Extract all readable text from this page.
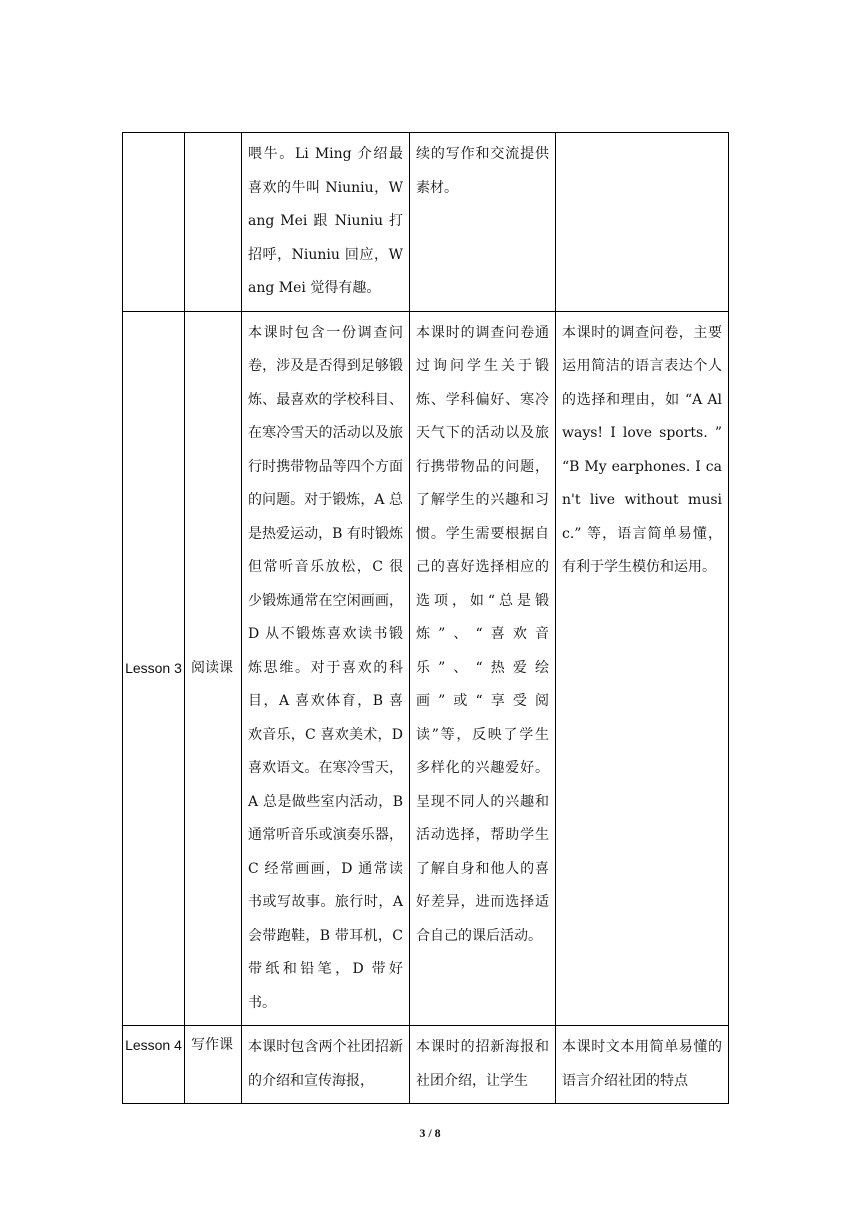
		喂牛。Li Ming 介绍最喜欢的牛叫 Niuniu，Wang Mei 跟 Niuniu 打招呼，Niuniu 回应，Wang Mei 觉得有趣。	续的写作和交流提供素材。	
Lesson 3	阅读课	本课时包含一份调查问卷，涉及是否得到足够锻炼、最喜欢的学校科目、在寒冷雪天的活动以及旅行时携带物品等四个方面的问题。对于锻炼，A 总是热爱运动，B 有时锻炼但常听音乐放松，C 很少锻炼通常在空闲画画，D 从不锻炼喜欢读书锻炼思维。对于喜欢的科目，A 喜欢体育，B 喜欢音乐，C 喜欢美术，D 喜欢语文。在寒冷雪天，A 总是做些室内活动，B 通常听音乐或演奏乐器，C 经常画画，D 通常读书或写故事。旅行时，A 会带跑鞋，B 带耳机，C 带纸和铅笔，D 带好书。	本课时的调查问卷通过询问学生关于锻炼、学科偏好、寒冷天气下的活动以及旅行携带物品的问题，了解学生的兴趣和习惯。学生需要根据自己的喜好选择相应的选项，如“总是锻炼”、“喜欢音乐”、“热爱绘画”或“享受阅读”等，反映了学生多样化的兴趣爱好。呈现不同人的兴趣和活动选择，帮助学生了解自身和他人的喜好差异，进而选择适合自己的课后活动。	本课时的调查问卷，主要运用简洁的语言表达个人的选择和理由，如 “A Always! I love sports. ” “B My earphones. I can't live without music.” 等，语言简单易懂，有利于学生模仿和运用。
Lesson 4	写作课	本课时包含两个社团招新的介绍和宣传海报，	本课时的招新海报和社团介绍，让学生	本课时文本用简单易懂的语言介绍社团的特点
3 / 8
